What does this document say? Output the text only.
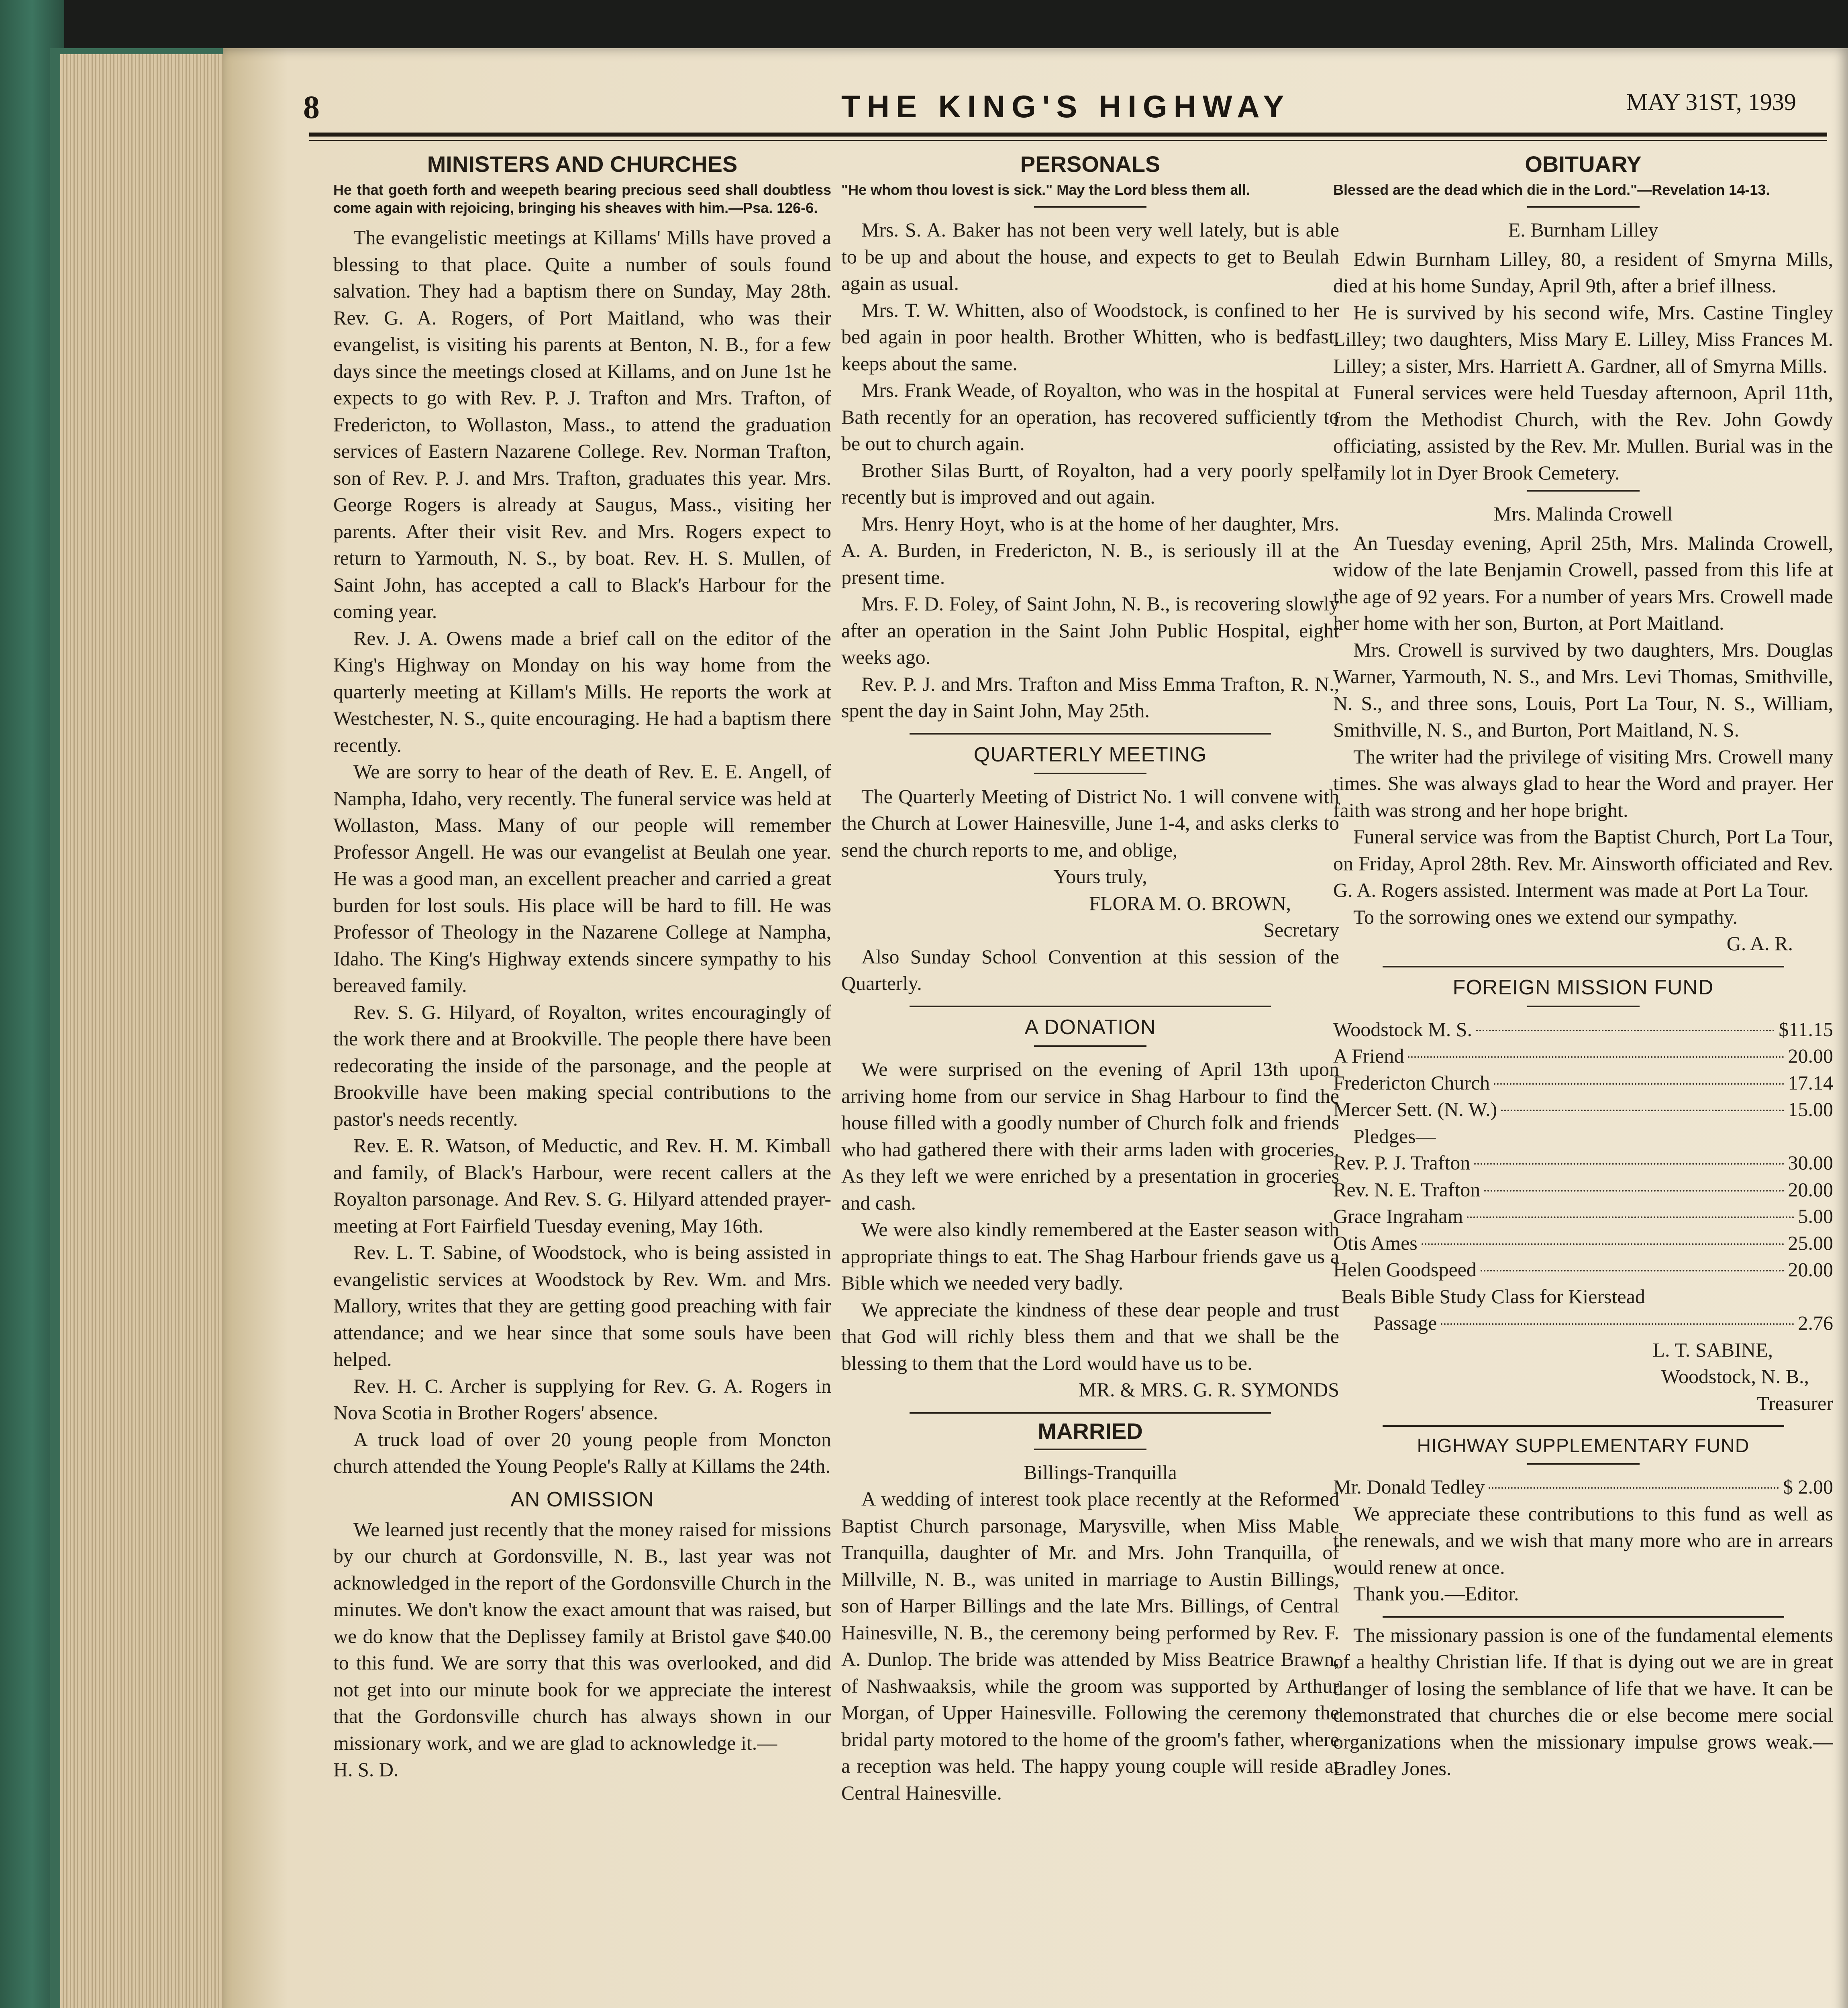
8	THE KING'S HIGHWAY	MAY 31ST, 1939
MINISTERS AND CHURCHES
He that goeth forth and weepeth bearing precious seed shall doubtless come again with rejoicing, bringing his sheaves with him.—Psa. 126-6.

The evangelistic meetings at Killams' Mills have proved a blessing to that place. Quite a number of souls found salvation. They had a baptism there on Sunday, May 28th. Rev. G. A. Rogers, of Port Maitland, who was their evangelist, is visiting his parents at Benton, N. B., for a few days since the meetings closed at Killams, and on June 1st he expects to go with Rev. P. J. Trafton and Mrs. Trafton, of Fredericton, to Wollaston, Mass., to attend the graduation services of Eastern Nazarene College. Rev. Norman Trafton, son of Rev. P. J. and Mrs. Trafton, graduates this year. Mrs. George Rogers is already at Saugus, Mass., visiting her parents. After their visit Rev. and Mrs. Rogers expect to return to Yarmouth, N. S., by boat. Rev. H. S. Mullen, of Saint John, has accepted a call to Black's Harbour for the coming year.

Rev. J. A. Owens made a brief call on the editor of the King's Highway on Monday on his way home from the quarterly meeting at Killam's Mills. He reports the work at Westchester, N. S., quite encouraging. He had a baptism there recently.

We are sorry to hear of the death of Rev. E. E. Angell, of Nampha, Idaho, very recently. The funeral service was held at Wollaston, Mass. Many of our people will remember Professor Angell. He was our evangelist at Beulah one year. He was a good man, an excellent preacher and carried a great burden for lost souls. His place will be hard to fill. He was Professor of Theology in the Nazarene College at Nampha, Idaho. The King's Highway extends sincere sympathy to his bereaved family.

Rev. S. G. Hilyard, of Royalton, writes encouragingly of the work there and at Brookville. The people there have been redecorating the inside of the parsonage, and the people at Brookville have been making special contributions to the pastor's needs recently.

Rev. E. R. Watson, of Meductic, and Rev. H. M. Kimball and family, of Black's Harbour, were recent callers at the Royalton parsonage. And Rev. S. G. Hilyard attended prayer-meeting at Fort Fairfield Tuesday evening, May 16th.

Rev. L. T. Sabine, of Woodstock, who is being assisted in evangelistic services at Woodstock by Rev. Wm. and Mrs. Mallory, writes that they are getting good preaching with fair attendance; and we hear since that some souls have been helped.

Rev. H. C. Archer is supplying for Rev. G. A. Rogers in Nova Scotia in Brother Rogers' absence.

A truck load of over 20 young people from Moncton church attended the Young People's Rally at Killams the 24th.

AN OMISSION

We learned just recently that the money raised for missions by our church at Gordonsville, N. B., last year was not acknowledged in the report of the Gordonsville Church in the minutes. We don't know the exact amount that was raised, but we do know that the Deplissey family at Bristol gave $40.00 to this fund. We are sorry that this was overlooked, and did not get into our minute book for we appreciate the interest that the Gordonsville church has always shown in our missionary work, and we are glad to acknowledge it.—

H. S. D.

PERSONALS
"He whom thou lovest is sick." May the Lord bless them all.

Mrs. S. A. Baker has not been very well lately, but is able to be up and about the house, and expects to get to Beulah again as usual.

Mrs. T. W. Whitten, also of Woodstock, is confined to her bed again in poor health. Brother Whitten, who is bedfast, keeps about the same.

Mrs. Frank Weade, of Royalton, who was in the hospital at Bath recently for an operation, has recovered sufficiently to be out to church again.

Brother Silas Burtt, of Royalton, had a very poorly spell recently but is improved and out again.

Mrs. Henry Hoyt, who is at the home of her daughter, Mrs. A. A. Burden, in Fredericton, N. B., is seriously ill at the present time.

Mrs. F. D. Foley, of Saint John, N. B., is recovering slowly after an operation in the Saint John Public Hospital, eight weeks ago.

Rev. P. J. and Mrs. Trafton and Miss Emma Trafton, R. N., spent the day in Saint John, May 25th.

QUARTERLY MEETING

The Quarterly Meeting of District No. 1 will convene with the Church at Lower Hainesville, June 1-4, and asks clerks to send the church reports to me, and oblige,

Yours truly,

FLORA M. O. BROWN,

Secretary

Also Sunday School Convention at this session of the Quarterly.

A DONATION

We were surprised on the evening of April 13th upon arriving home from our service in Shag Harbour to find the house filled with a goodly number of Church folk and friends who had gathered there with their arms laden with groceries. As they left we were enriched by a presentation in groceries and cash.

We were also kindly remembered at the Easter season with appropriate things to eat. The Shag Harbour friends gave us a Bible which we needed very badly.

We appreciate the kindness of these dear people and trust that God will richly bless them and that we shall be the blessing to them that the Lord would have us to be.

MR. & MRS. G. R. SYMONDS

MARRIED

Billings-Tranquilla

A wedding of interest took place recently at the Reformed Baptist Church parsonage, Marysville, when Miss Mable Tranquilla, daughter of Mr. and Mrs. John Tranquilla, of Millville, N. B., was united in marriage to Austin Billings, son of Harper Billings and the late Mrs. Billings, of Central Hainesville, N. B., the ceremony being performed by Rev. F. A. Dunlop. The bride was attended by Miss Beatrice Brawn, of Nashwaaksis, while the groom was supported by Arthur Morgan, of Upper Hainesville. Following the ceremony the bridal party motored to the home of the groom's father, where a reception was held. The happy young couple will reside at Central Hainesville.

OBITUARY
Blessed are the dead which die in the Lord."—Revelation 14-13.
E. Burnham Lilley

Edwin Burnham Lilley, 80, a resident of Smyrna Mills, died at his home Sunday, April 9th, after a brief illness.

He is survived by his second wife, Mrs. Castine Tingley Lilley; two daughters, Miss Mary E. Lilley, Miss Frances M. Lilley; a sister, Mrs. Harriett A. Gardner, all of Smyrna Mills.

Funeral services were held Tuesday afternoon, April 11th, from the Methodist Church, with the Rev. John Gowdy officiating, assisted by the Rev. Mr. Mullen. Burial was in the family lot in Dyer Brook Cemetery.

Mrs. Malinda Crowell

An Tuesday evening, April 25th, Mrs. Malinda Crowell, widow of the late Benjamin Crowell, passed from this life at the age of 92 years. For a number of years Mrs. Crowell made her home with her son, Burton, at Port Maitland.

Mrs. Crowell is survived by two daughters, Mrs. Douglas Warner, Yarmouth, N. S., and Mrs. Levi Thomas, Smithville, N. S., and three sons, Louis, Port La Tour, N. S., William, Smithville, N. S., and Burton, Port Maitland, N. S.

The writer had the privilege of visiting Mrs. Crowell many times. She was always glad to hear the Word and prayer. Her faith was strong and her hope bright.

Funeral service was from the Baptist Church, Port La Tour, on Friday, Aprol 28th. Rev. Mr. Ainsworth officiated and Rev. G. A. Rogers assisted. Interment was made at Port La Tour.

To the sorrowing ones we extend our sympathy.

G. A. R.

FOREIGN MISSION FUND
Woodstock M. S.	$11.15
A Friend	20.00
Fredericton Church	17.14
Mercer Sett. (N. W.)	15.00

Pledges—

Rev. P. J. Trafton	30.00
Rev. N. E. Trafton	20.00
Grace Ingraham	5.00
Otis Ames	25.00
Helen Goodspeed	20.00

Beals Bible Study Class for Kierstead

Passage	2.76
L. T. SABINE,
Woodstock, N. B.,
Treasurer
HIGHWAY SUPPLEMENTARY FUND
Mr. Donald Tedley	$ 2.00

We appreciate these contributions to this fund as well as the renewals, and we wish that many more who are in arrears would renew at once.

Thank you.—Editor.

The missionary passion is one of the fundamental elements of a healthy Christian life. If that is dying out we are in great danger of losing the semblance of life that we have. It can be demonstrated that churches die or else become mere social organizations when the missionary impulse grows weak.—Bradley Jones.
